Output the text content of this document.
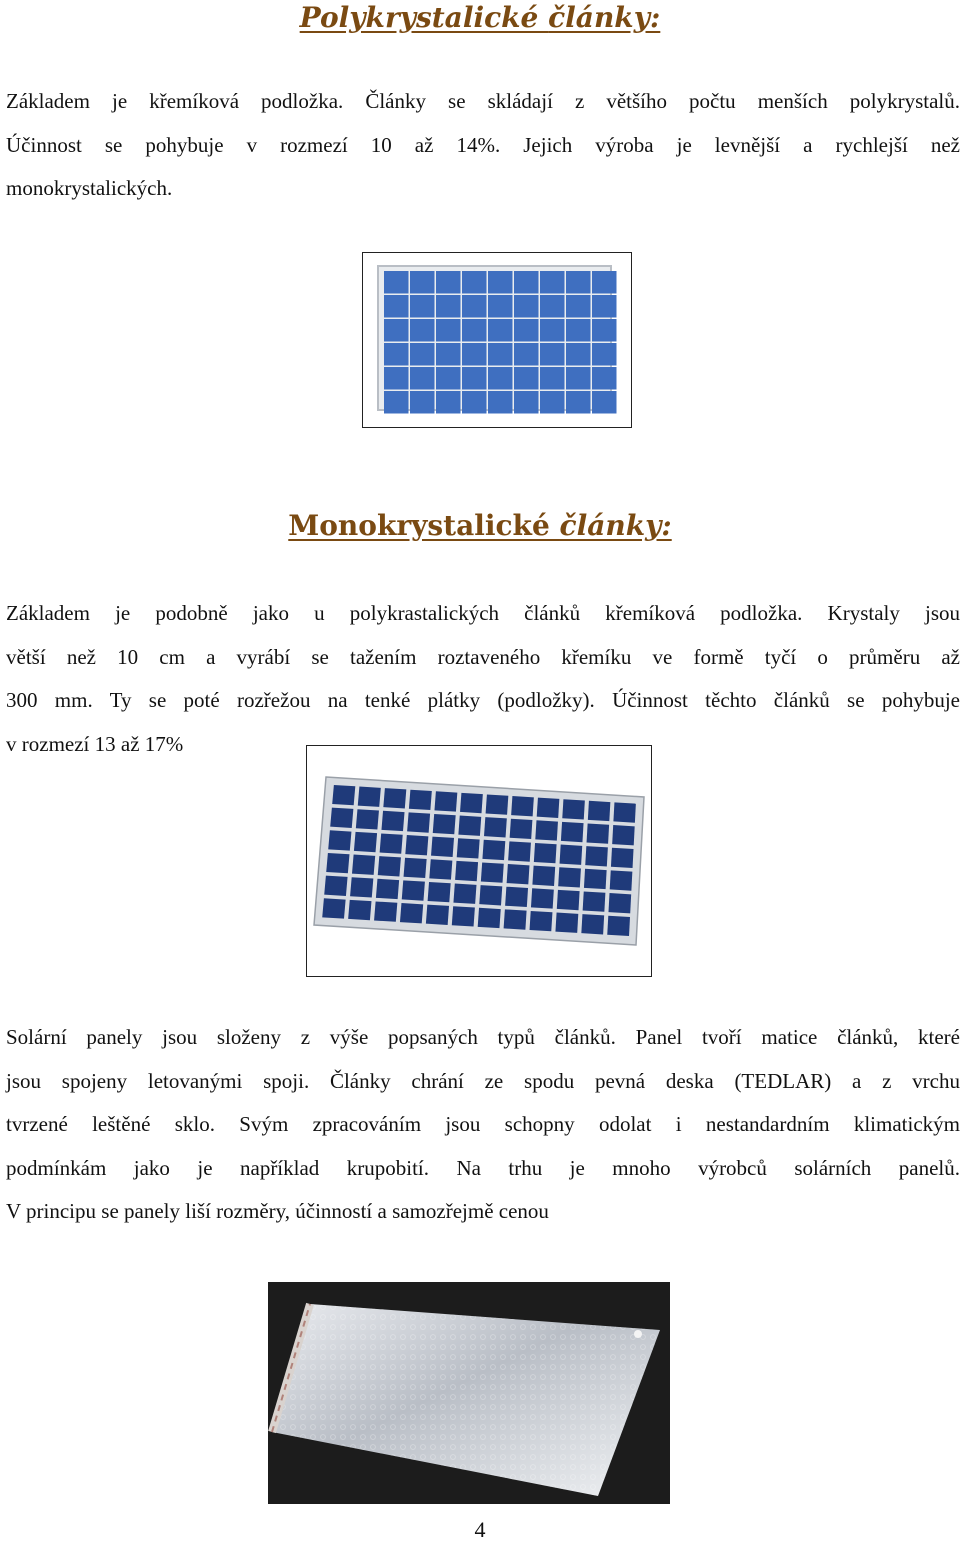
Polykrystalické články:
Základem je křemíková podložka. Články se skládají z většího počtu menších polykrystalů.
Účinnost se pohybuje v rozmezí 10 až 14%. Jejich výroba je levnější a rychlejší než
monokrystalických.
Monokrystalické články:
Základem je podobně jako u polykrastalických článků křemíková podložka. Krystaly jsou
větší než 10 cm a vyrábí se tažením roztaveného křemíku ve formě tyčí o průměru až
300 mm. Ty se poté rozřežou na tenké plátky (podložky). Účinnost těchto článků se pohybuje
v rozmezí 13 až 17%
Solární panely jsou složeny z výše popsaných typů článků. Panel tvoří matice článků, které
jsou spojeny letovanými spoji. Články chrání ze spodu pevná deska (TEDLAR) a z vrchu
tvrzené leštěné sklo. Svým zpracováním jsou schopny odolat i nestandardním klimatickým
podmínkám jako je například krupobití. Na trhu je mnoho výrobců solárních panelů.
V principu se panely liší rozměry, účinností a samozřejmě cenou
4
